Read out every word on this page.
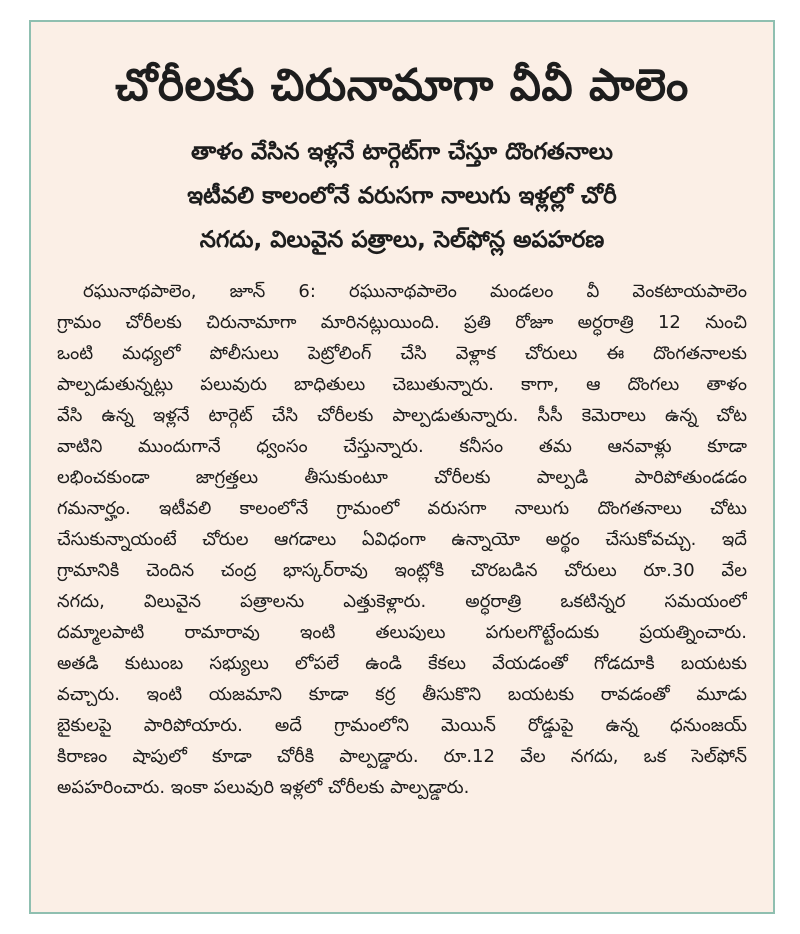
చోరీలకు చిరునామాగా వీవీ పాలెం
తాళం వేసిన ఇళ్లనే టార్గెట్‌గా చేస్తూ దొంగతనాలు
ఇటీవలి కాలంలోనే వరుసగా నాలుగు ఇళ్లల్లో చోరీ
నగదు, విలువైన పత్రాలు, సెల్‌ఫోన్ల అపహరణ
రఘునాథపాలెం, జూన్ 6: రఘునాథపాలెం మండలం వీ వెంకటాయపాలెం
గ్రామం చోరీలకు చిరునామాగా మారినట్లుయింది. ప్రతి రోజూ అర్ధరాత్రి 12 నుంచి
ఒంటి మధ్యలో పోలీసులు పెట్రోలింగ్ చేసి వెళ్లాక చోరులు ఈ దొంగతనాలకు
పాల్పడుతున్నట్లు పలువురు బాధితులు చెబుతున్నారు. కాగా, ఆ దొంగలు తాళం
వేసి ఉన్న ఇళ్లనే టార్గెట్ చేసి చోరీలకు పాల్పడుతున్నారు. సీసీ కెమెరాలు ఉన్న చోట
వాటిని ముందుగానే ధ్వంసం చేస్తున్నారు. కనీసం తమ ఆనవాళ్లు కూడా
లభించకుండా జాగ్రత్తలు తీసుకుంటూ చోరీలకు పాల్పడి పారిపోతుండడం
గమనార్హం. ఇటీవలి కాలంలోనే గ్రామంలో వరుసగా నాలుగు దొంగతనాలు చోటు
చేసుకున్నాయంటే చోరుల ఆగడాలు ఏవిధంగా ఉన్నాయో అర్థం చేసుకోవచ్చు. ఇదే
గ్రామానికి చెందిన చంద్ర భాస్కర్‌రావు ఇంట్లోకి చొరబడిన చోరులు రూ.30 వేల
నగదు, విలువైన పత్రాలను ఎత్తుకెళ్లారు. అర్ధరాత్రి ఒకటిన్నర సమయంలో
దమ్మాలపాటి రామారావు ఇంటి తలుపులు పగులగొట్టేందుకు ప్రయత్నించారు.
అతడి కుటుంబ సభ్యులు లోపలే ఉండి కేకలు వేయడంతో గోడదూకి బయటకు
వచ్చారు. ఇంటి యజమాని కూడా కర్ర తీసుకొని బయటకు రావడంతో మూడు
బైకులపై పారిపోయారు. అదే గ్రామంలోని మెయిన్ రోడ్డుపై ఉన్న ధనుంజయ్
కిరాణం షాపులో కూడా చోరీకి పాల్పడ్డారు. రూ.12 వేల నగదు, ఒక సెల్‌ఫోన్
అపహరించారు. ఇంకా పలువురి ఇళ్లలో చోరీలకు పాల్పడ్డారు.
